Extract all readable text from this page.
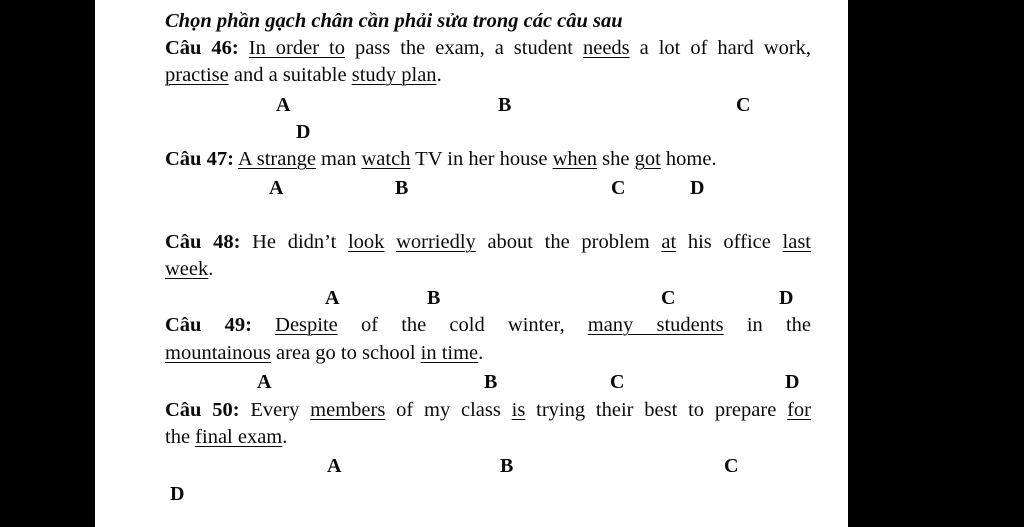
Chọn phần gạch chân cần phải sửa trong các câu sau
Câu 46: In order to pass the exam, a student needs a lot of hard work,
practise and a suitable study plan.
A	B	C
D
Câu 47: A strange man watch TV in her house when she got home.
A	B	C	D
Câu 48: He didn’t look worriedly about the problem at his office last
week.
A	B	C	D
Câu 49: Despite of the cold winter, many students in the
mountainous area go to school in time.
A	B	C	D
Câu 50: Every members of my class is trying their best to prepare for
the final exam.
A	B	C
D
